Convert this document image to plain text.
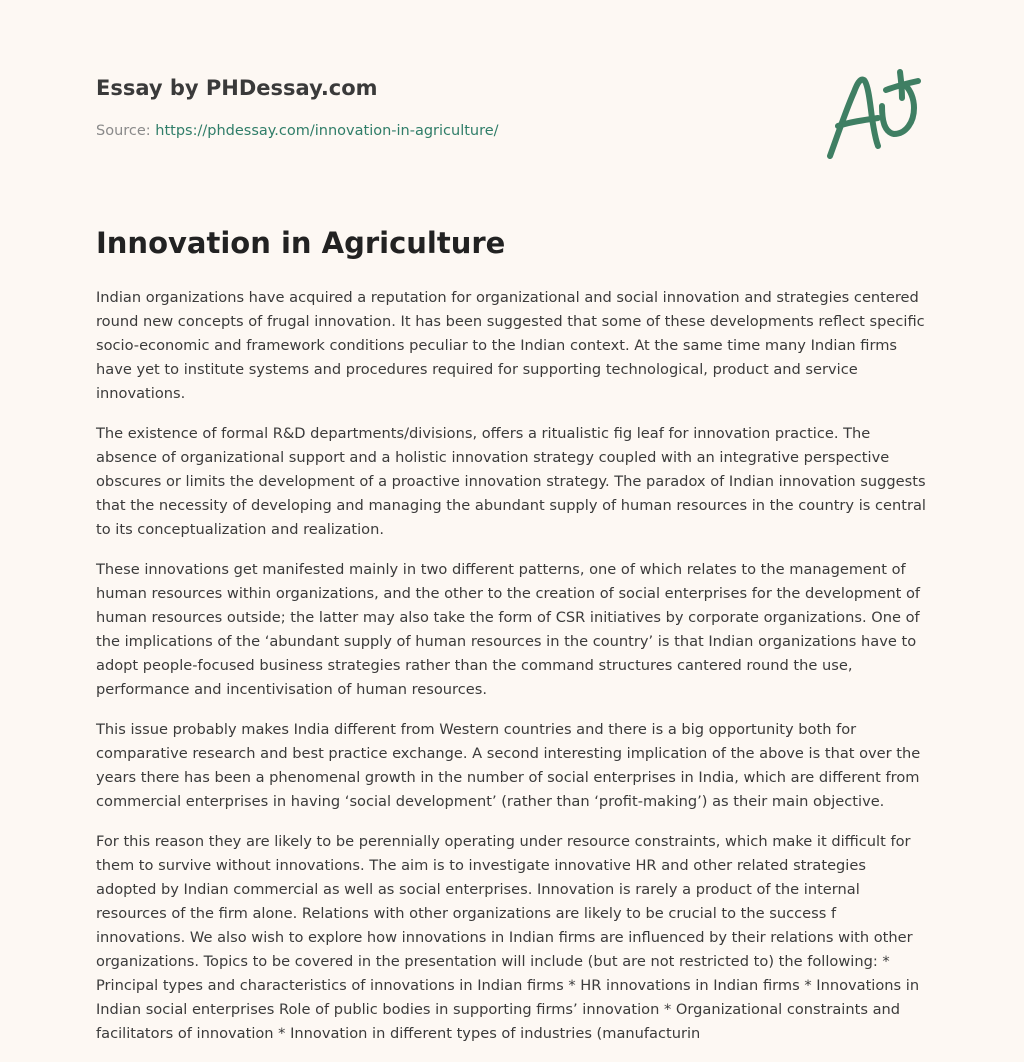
Essay by PHDessay.com
Source: https://phdessay.com/innovation-in-agriculture/
Innovation in Agriculture

Indian organizations have acquired a reputation for organizational and social innovation and strategies centered round new concepts of frugal innovation. It has been suggested that some of these developments reflect specific socio-economic and framework conditions peculiar to the Indian context. At the same time many Indian firms have yet to institute systems and procedures required for supporting technological, product and service innovations.

The existence of formal R&D departments/divisions, offers a ritualistic fig leaf for innovation practice. The absence of organizational support and a holistic innovation strategy coupled with an integrative perspective obscures or limits the development of a proactive innovation strategy. The paradox of Indian innovation suggests that the necessity of developing and managing the abundant supply of human resources in the country is central to its conceptualization and realization.

These innovations get manifested mainly in two different patterns, one of which relates to the management of human resources within organizations, and the other to the creation of social enterprises for the development of human resources outside; the latter may also take the form of CSR initiatives by corporate organizations. One of the implications of the ‘abundant supply of human resources in the country’ is that Indian organizations have to adopt people-focused business strategies rather than the command structures cantered round the use, performance and incentivisation of human resources.

This issue probably makes India different from Western countries and there is a big opportunity both for comparative research and best practice exchange. A second interesting implication of the above is that over the years there has been a phenomenal growth in the number of social enterprises in India, which are different from commercial enterprises in having ‘social development’ (rather than ‘profit-making’) as their main objective.

For this reason they are likely to be perennially operating under resource constraints, which make it difficult for them to survive without innovations. The aim is to investigate innovative HR and other related strategies adopted by Indian commercial as well as social enterprises. Innovation is rarely a product of the internal resources of the firm alone. Relations with other organizations are likely to be crucial to the success f innovations. We also wish to explore how innovations in Indian firms are influenced by their relations with other organizations. Topics to be covered in the presentation will include (but are not restricted to) the following: * Principal types and characteristics of innovations in Indian firms * HR innovations in Indian firms * Innovations in Indian social enterprises Role of public bodies in supporting firms’ innovation * Organizational constraints and facilitators of innovation * Innovation in different types of industries (manufacturin
